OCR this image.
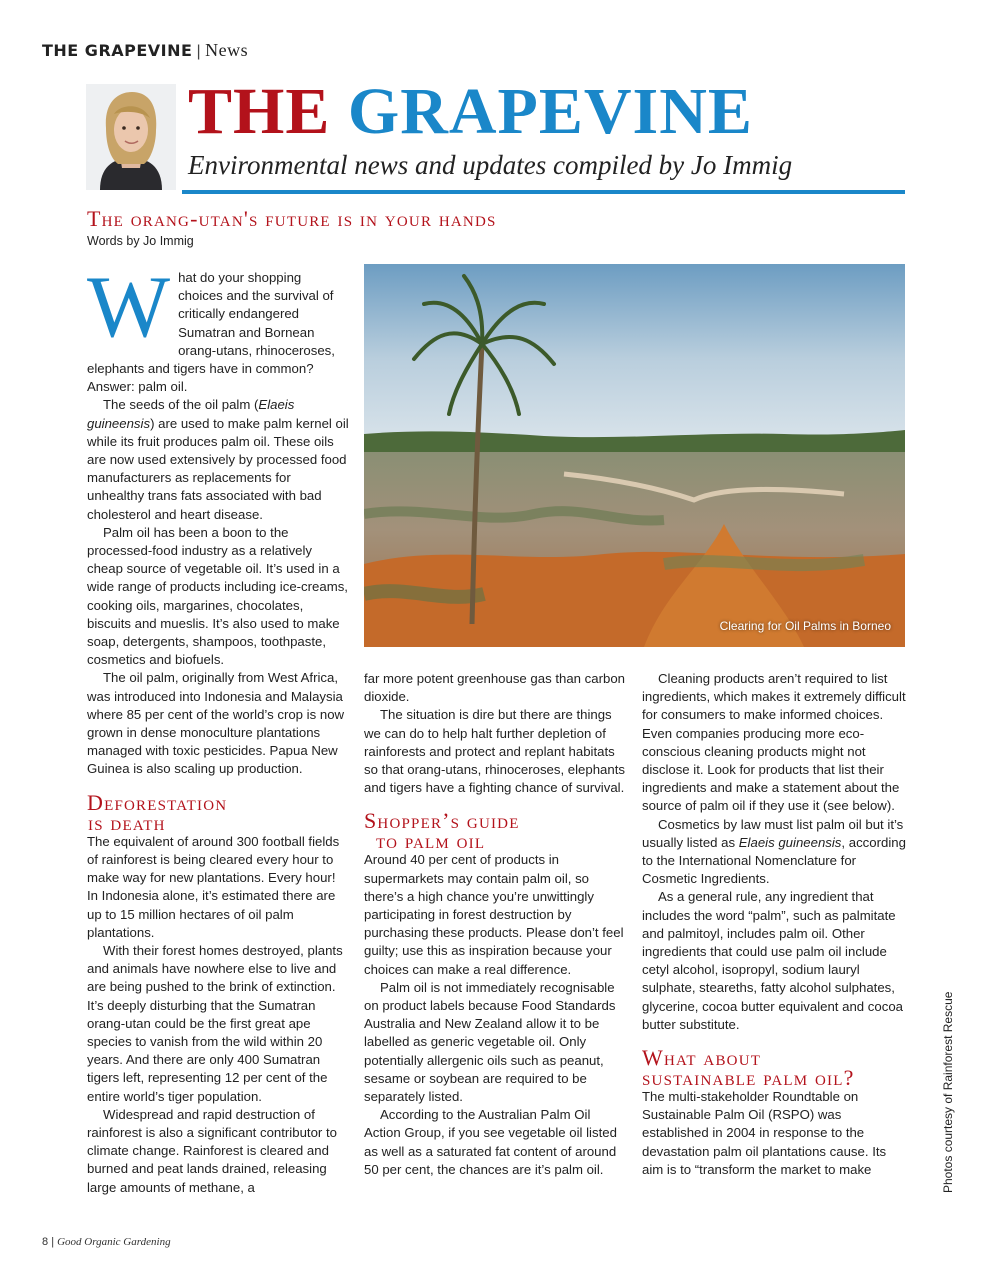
THE GRAPEVINE | News
THE GRAPEVINE
Environmental news and updates compiled by Jo Immig
The orang-utan's future is in your hands
Words by Jo Immig

What do your shopping choices and the survival of critically endangered Sumatran and Bornean orang-utans, rhinoceroses, elephants and tigers have in common? Answer: palm oil.

The seeds of the oil palm (Elaeis guineensis) are used to make palm kernel oil while its fruit produces palm oil. These oils are now used extensively by processed food manufacturers as replacements for unhealthy trans fats associated with bad cholesterol and heart disease.

Palm oil has been a boon to the processed-food industry as a relatively cheap source of vegetable oil. It’s used in a wide range of products including ice-creams, cooking oils, margarines, chocolates, biscuits and mueslis. It’s also used to make soap, detergents, shampoos, toothpaste, cosmetics and biofuels.

The oil palm, originally from West Africa, was introduced into Indonesia and Malaysia where 85 per cent of the world’s crop is now grown in dense monoculture plantations managed with toxic pesticides. Papua New Guinea is also scaling up production.

Deforestation
is death

The equivalent of around 300 football fields of rainforest is being cleared every hour to make way for new plantations. Every hour! In Indonesia alone, it’s estimated there are up to 15 million hectares of oil palm plantations.

With their forest homes destroyed, plants and animals have nowhere else to live and are being pushed to the brink of extinction. It’s deeply disturbing that the Sumatran orang-utan could be the first great ape species to vanish from the wild within 20 years. And there are only 400 Sumatran tigers left, representing 12 per cent of the entire world’s tiger population.

Widespread and rapid destruction of rainforest is also a significant contributor to climate change. Rainforest is cleared and burned and peat lands drained, releasing large amounts of methane, a

Clearing for Oil Palms in Borneo

far more potent greenhouse gas than carbon dioxide.

The situation is dire but there are things we can do to help halt further depletion of rainforests and protect and replant habitats so that orang-utans, rhinoceroses, elephants and tigers have a fighting chance of survival.

Shopper’s guide
to palm oil

Around 40 per cent of products in supermarkets may contain palm oil, so there’s a high chance you’re unwittingly participating in forest destruction by purchasing these products. Please don’t feel guilty; use this as inspiration because your choices can make a real difference.

Palm oil is not immediately recognisable on product labels because Food Standards Australia and New Zealand allow it to be labelled as generic vegetable oil. Only potentially allergenic oils such as peanut, sesame or soybean are required to be separately listed.

According to the Australian Palm Oil Action Group, if you see vegetable oil listed as well as a saturated fat content of around 50 per cent, the chances are it’s palm oil.

Cleaning products aren’t required to list ingredients, which makes it extremely difficult for consumers to make informed choices. Even companies producing more eco-conscious cleaning products might not disclose it. Look for products that list their ingredients and make a statement about the source of palm oil if they use it (see below).

Cosmetics by law must list palm oil but it’s usually listed as Elaeis guineensis, according to the International Nomenclature for Cosmetic Ingredients.

As a general rule, any ingredient that includes the word “palm”, such as palmitate and palmitoyl, includes palm oil. Other ingredients that could use palm oil include cetyl alcohol, isopropyl, sodium lauryl sulphate, steareths, fatty alcohol sulphates, glycerine, cocoa butter equivalent and cocoa butter substitute.

What about
sustainable palm oil?

The multi-stakeholder Roundtable on Sustainable Palm Oil (RSPO) was established in 2004 in response to the devastation palm oil plantations cause. Its aim is to “transform the market to make	Photos courtesy of Rainforest Rescue
8 | Good Organic Gardening
